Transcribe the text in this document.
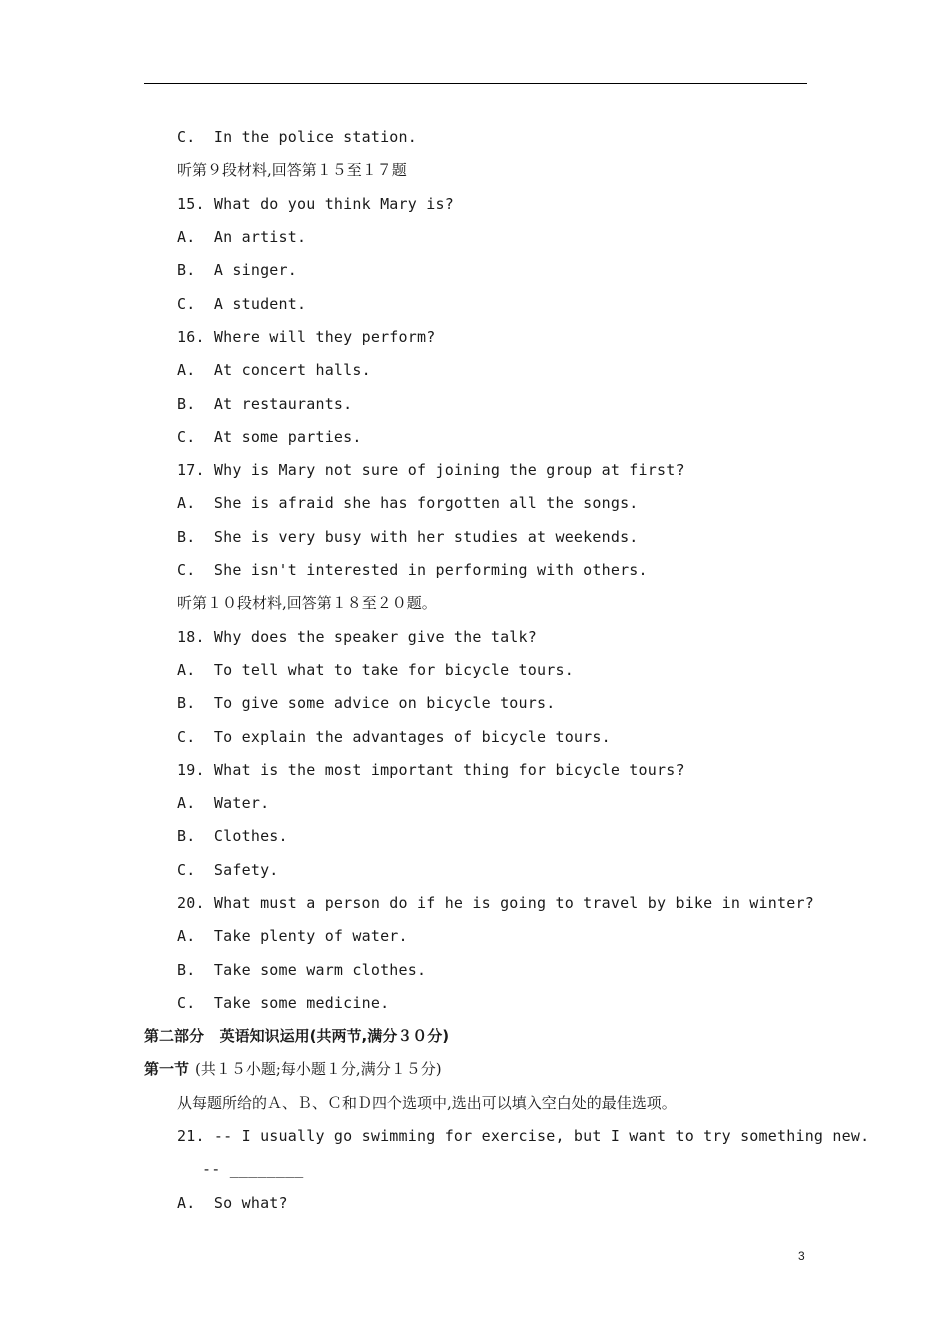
C.  In the police station.
听第９段材料,回答第１５至１７题
15. What do you think Mary is?
A.  An artist.
B.  A singer.
C.  A student.
16. Where will they perform?
A.  At concert halls.
B.  At restaurants.
C.  At some parties.
17. Why is Mary not sure of joining the group at first?
A.  She is afraid she has forgotten all the songs.
B.  She is very busy with her studies at weekends.
C.  She isn't interested in performing with others.
听第１０段材料,回答第１８至２０题。
18. Why does the speaker give the talk?
A.  To tell what to take for bicycle tours.
B.  To give some advice on bicycle tours.
C.  To explain the advantages of bicycle tours.
19. What is the most important thing for bicycle tours?
A.  Water.
B.  Clothes.
C.  Safety.
20. What must a person do if he is going to travel by bike in winter?
A.  Take plenty of water.
B.  Take some warm clothes.
C.  Take some medicine.
第二部分   英语知识运用(共两节,满分３０分)
第一节 (共１５小题;每小题１分,满分１５分)
从每题所给的Ａ、Ｂ、Ｃ和Ｄ四个选项中,选出可以填入空白处的最佳选项。
21. -- I usually go swimming for exercise, but I want to try something new.
-- ________
A.  So what?
3
